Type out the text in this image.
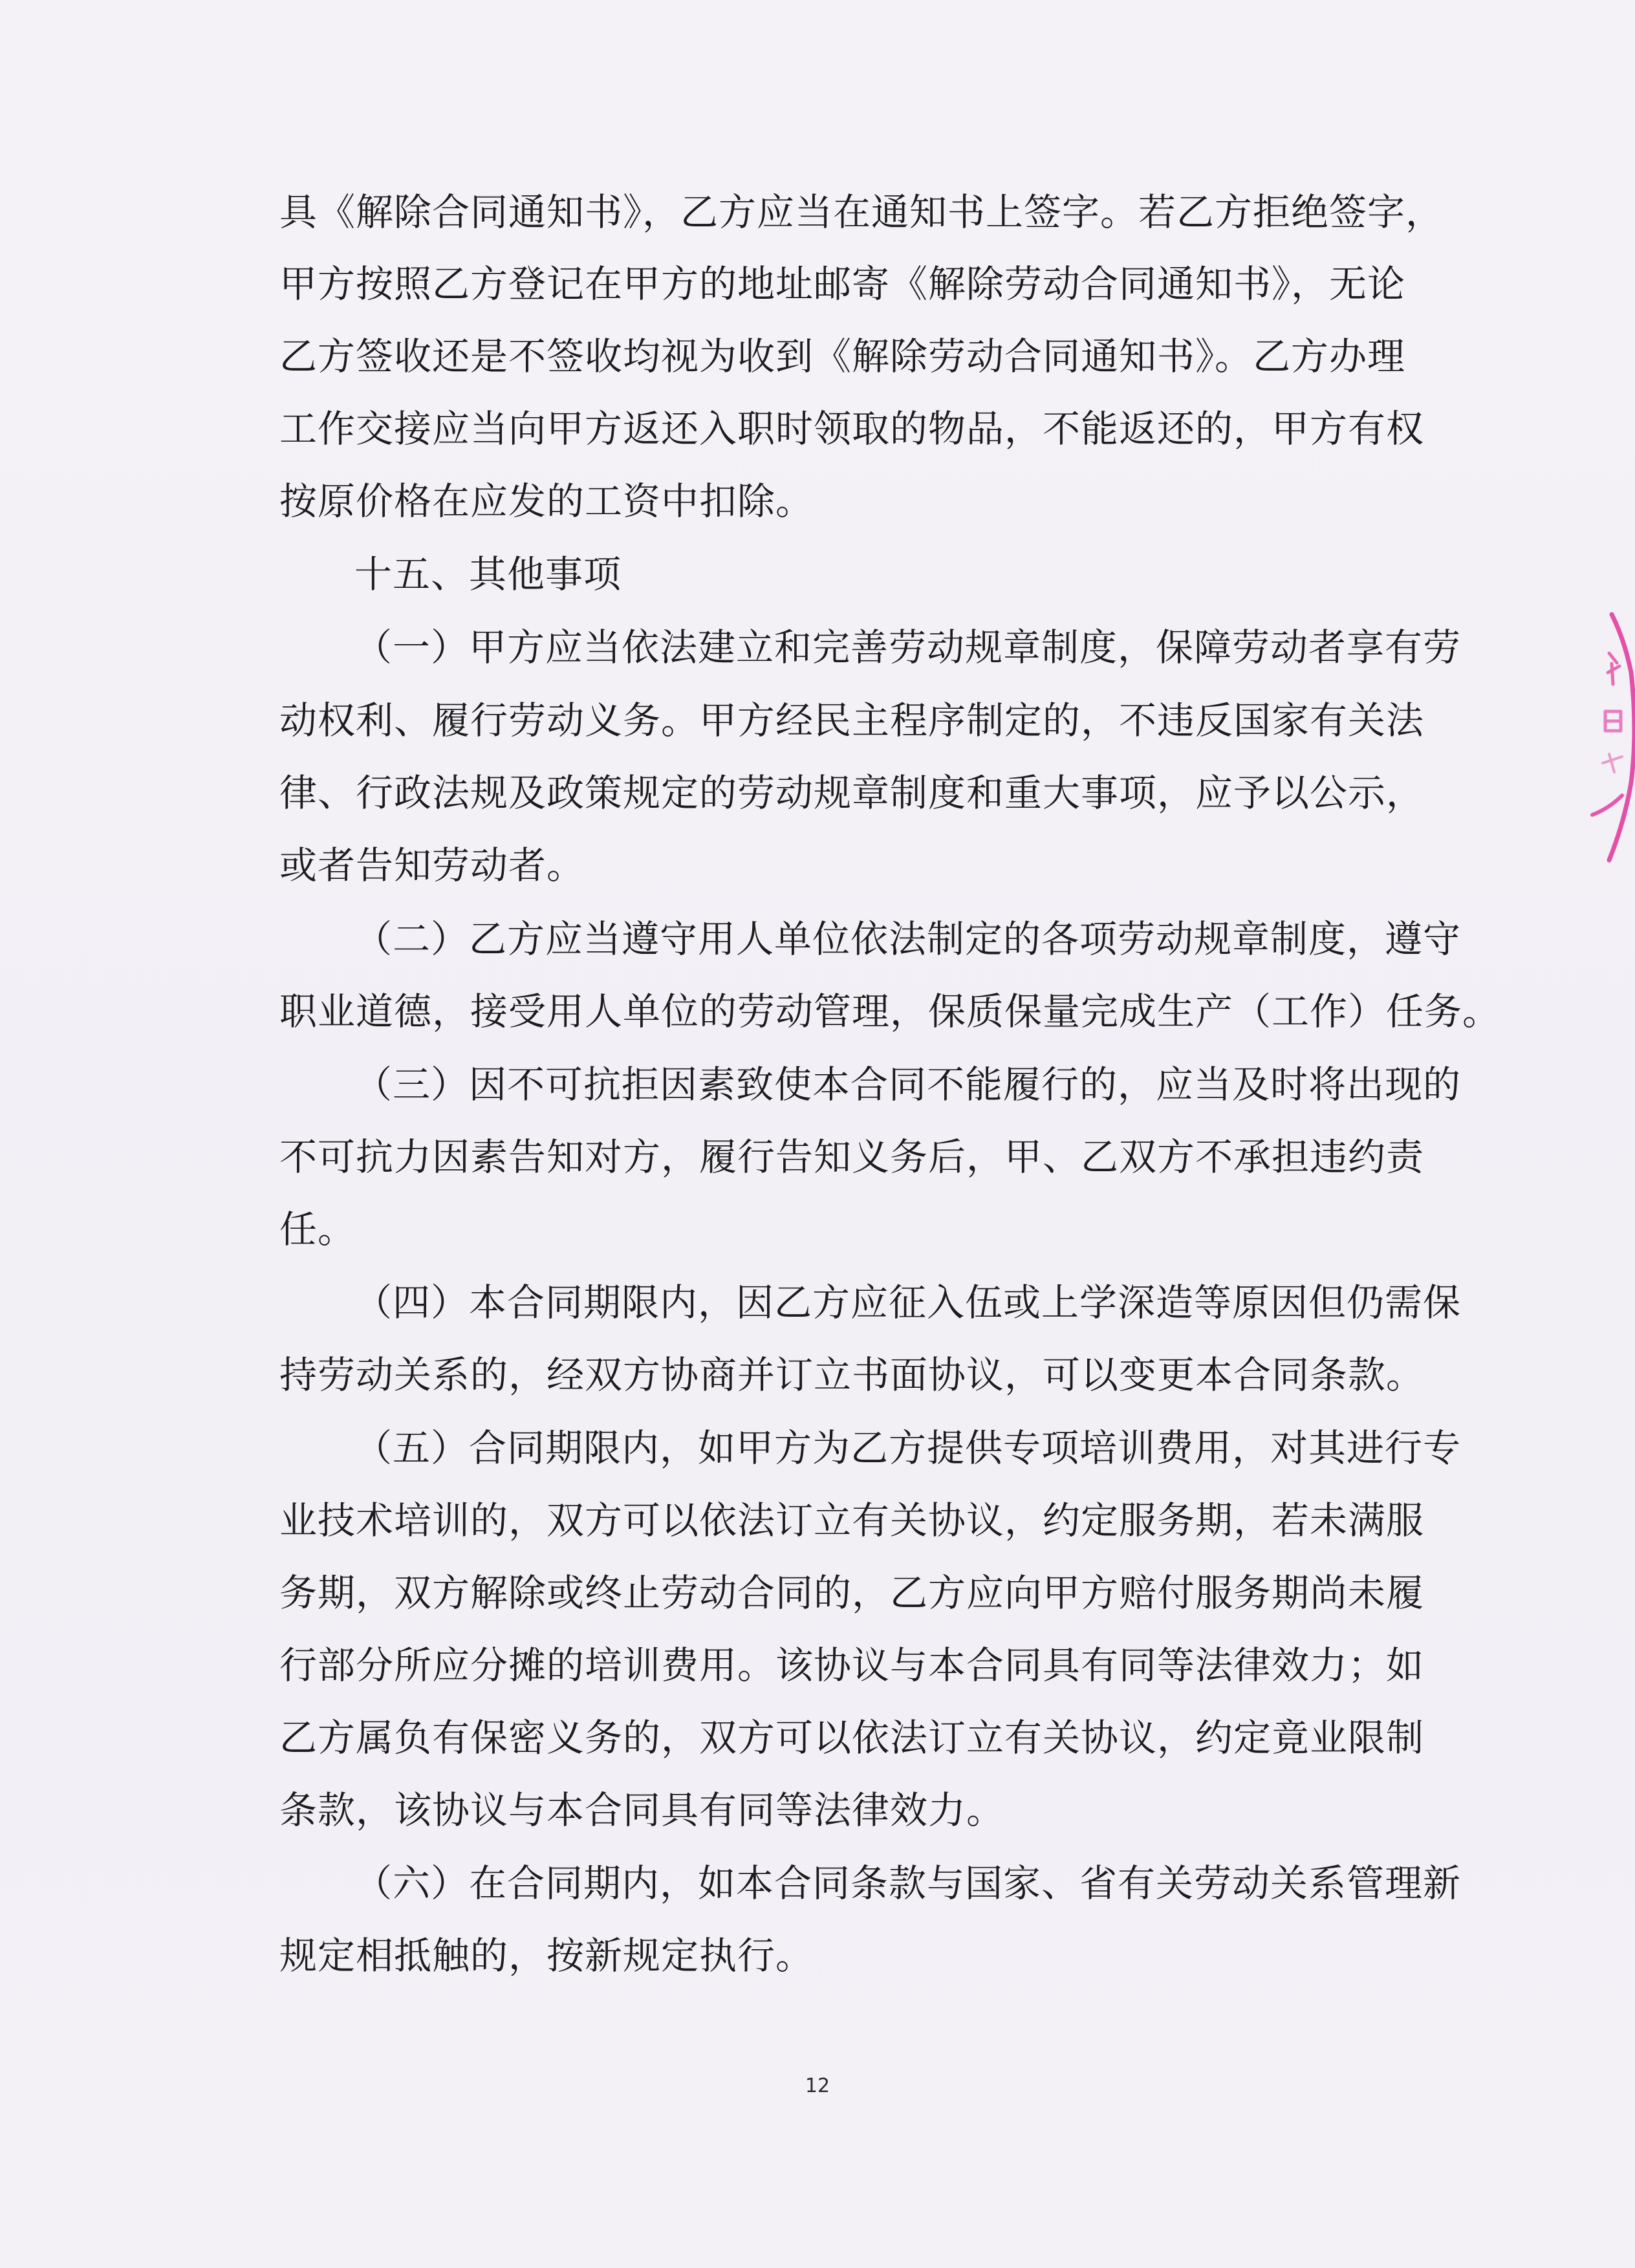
具《解除合同通知书》，乙方应当在通知书上签字。若乙方拒绝签字，
甲方按照乙方登记在甲方的地址邮寄《解除劳动合同通知书》，无论
乙方签收还是不签收均视为收到《解除劳动合同通知书》。乙方办理
工作交接应当向甲方返还入职时领取的物品，不能返还的，甲方有权
按原价格在应发的工资中扣除。
十五、其他事项
（一）甲方应当依法建立和完善劳动规章制度，保障劳动者享有劳
动权利、履行劳动义务。甲方经民主程序制定的，不违反国家有关法
律、行政法规及政策规定的劳动规章制度和重大事项，应予以公示，
或者告知劳动者。
（二）乙方应当遵守用人单位依法制定的各项劳动规章制度，遵守
职业道德，接受用人单位的劳动管理，保质保量完成生产（工作）任务。
（三）因不可抗拒因素致使本合同不能履行的，应当及时将出现的
不可抗力因素告知对方，履行告知义务后，甲、乙双方不承担违约责
任。
（四）本合同期限内，因乙方应征入伍或上学深造等原因但仍需保
持劳动关系的，经双方协商并订立书面协议，可以变更本合同条款。
（五）合同期限内，如甲方为乙方提供专项培训费用，对其进行专
业技术培训的，双方可以依法订立有关协议，约定服务期，若未满服
务期，双方解除或终止劳动合同的，乙方应向甲方赔付服务期尚未履
行部分所应分摊的培训费用。该协议与本合同具有同等法律效力；如
乙方属负有保密义务的，双方可以依法订立有关协议，约定竟业限制
条款，该协议与本合同具有同等法律效力。
（六）在合同期内，如本合同条款与国家、省有关劳动关系管理新
规定相抵触的，按新规定执行。
12
